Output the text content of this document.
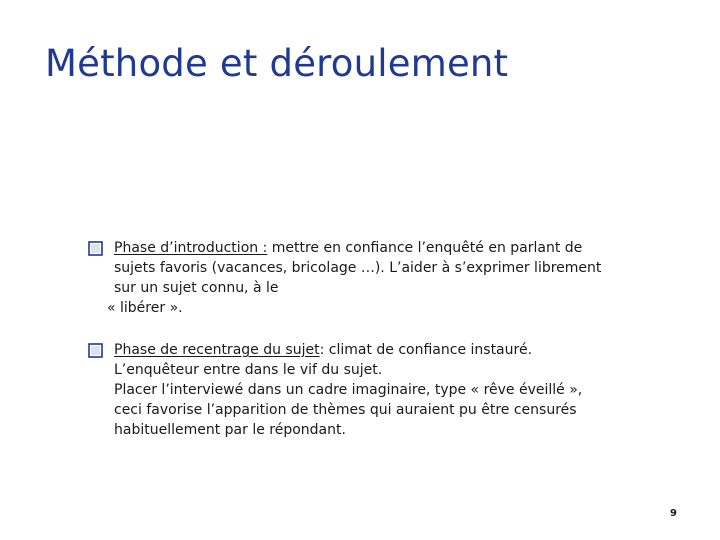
Méthode et déroulement
Phase d’introduction : mettre en confiance l’enquêté en parlant de
sujets favoris (vacances, bricolage …). L’aider à s’exprimer librement
sur un sujet connu, à le
« libérer ».
Phase de recentrage du sujet: climat de confiance instauré.
L’enquêteur entre dans le vif du sujet.
Placer l’interviewé dans un cadre imaginaire, type « rêve éveillé »,
ceci favorise l’apparition de thèmes qui auraient pu être censurés
habituellement par le répondant.
9
